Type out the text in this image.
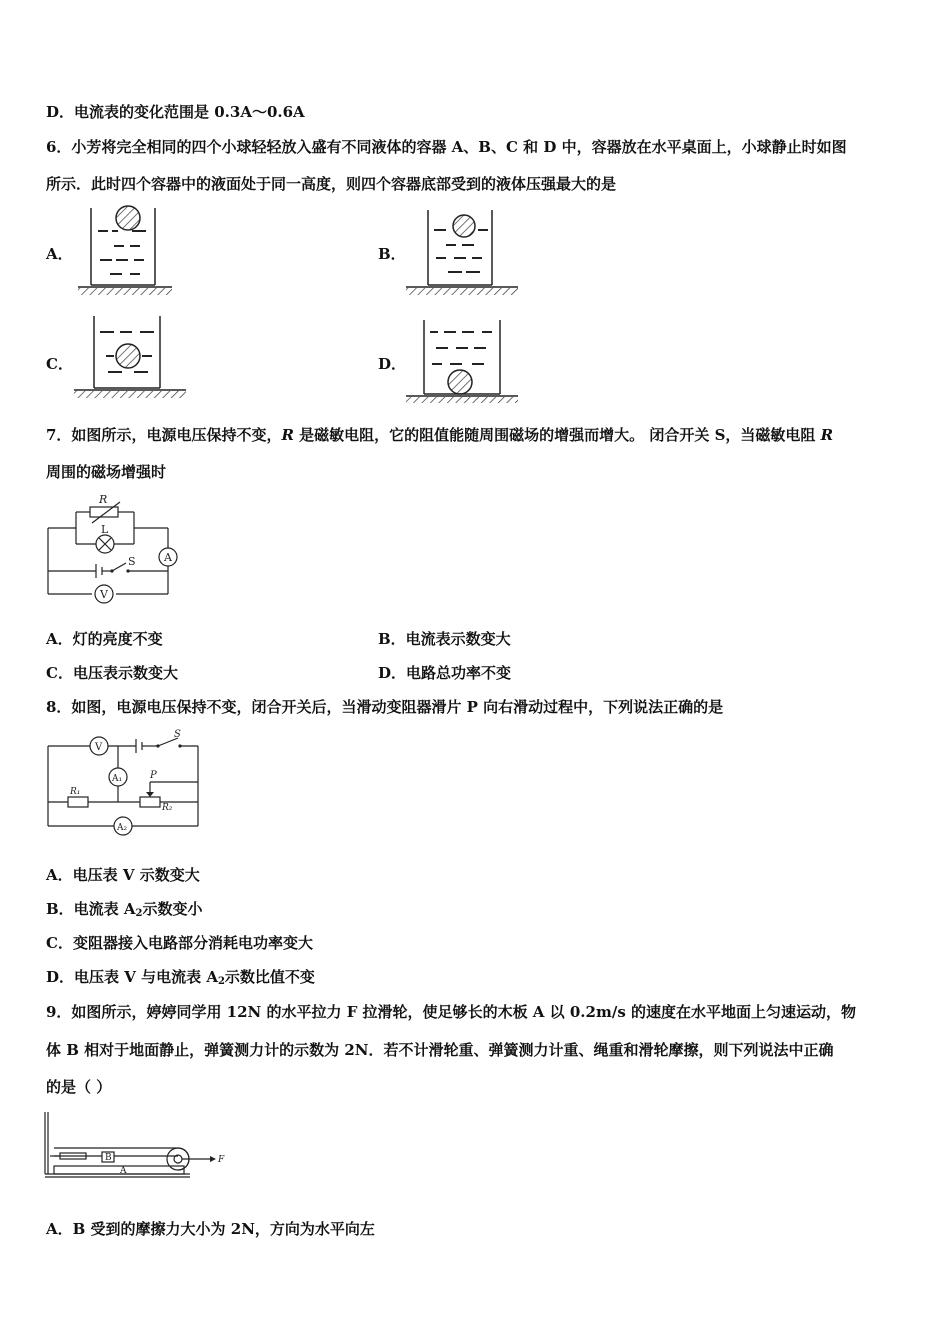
D．电流表的变化范围是 0.3A～0.6A
6．小芳将完全相同的四个小球轻轻放入盛有不同液体的容器 A、B、C 和 D 中，容器放在水平桌面上，小球静止时如图
所示．此时四个容器中的液面处于同一高度，则四个容器底部受到的液体压强最大的是
A．	B．
C．	D．
7．如图所示，电源电压保持不变，R 是磁敏电阻，它的阻值能随周围磁场的增强而增大。 闭合开关 S，当磁敏电阻 R
周围的磁场增强时
R
L
S	A
V
A．灯的亮度不变	B．电流表示数变大
C．电压表示数变大	D．电路总功率不变
8．如图，电源电压保持不变，闭合开关后，当滑动变阻器滑片 P 向右滑动过程中，下列说法正确的是
V
A₁
A₂
P
S
R₁
R₂
A．电压表 V 示数变大
B．电流表 $A_2$示数变小
C．变阻器接入电路部分消耗电功率变大
D．电压表 V 与电流表 $A_2$示数比值不变
9．如图所示，婷婷同学用 12N 的水平拉力 F 拉滑轮，使足够长的木板 A 以 0.2m/s 的速度在水平地面上匀速运动，物
体 B 相对于地面静止，弹簧测力计的示数为 2N．若不计滑轮重、弹簧测力计重、绳重和滑轮摩擦，则下列说法中正确
的是（ ）
B
A
F
A．B 受到的摩擦力大小为 2N，方向为水平向左
